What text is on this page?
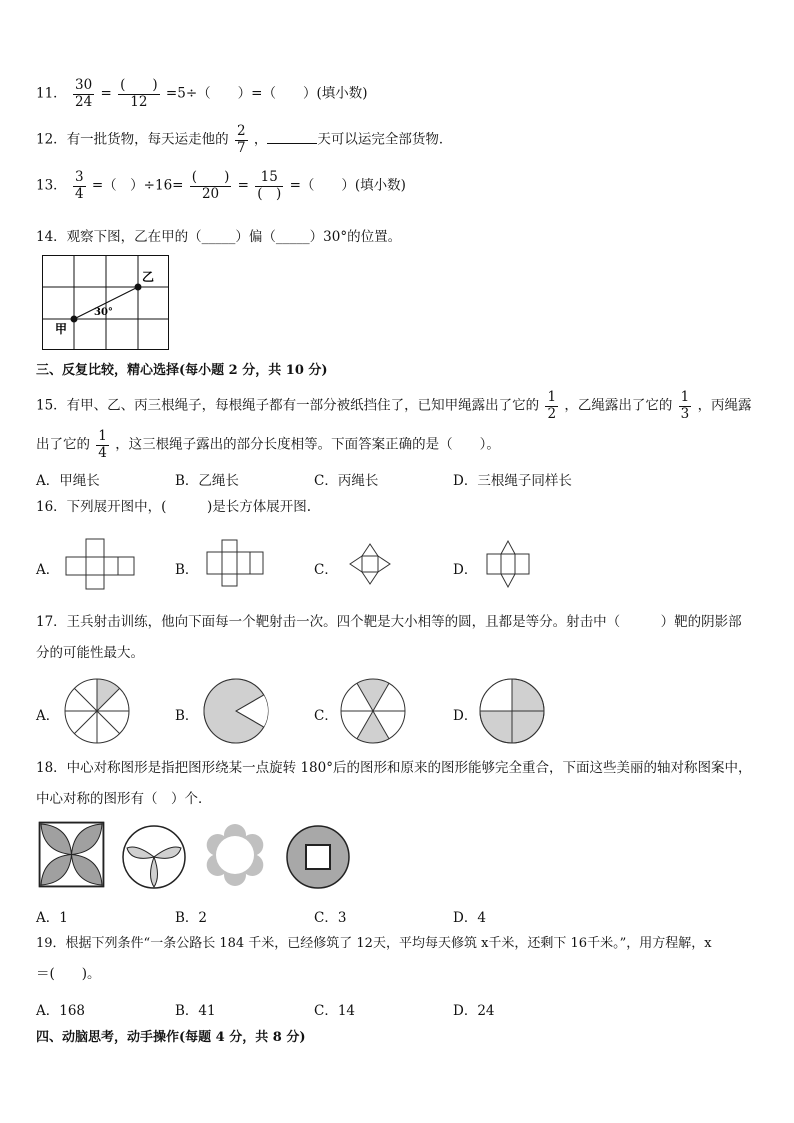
11． $\frac{30}{24} = \frac{( )}{12} =5\div$（　　）=（　　）(填小数)
12．有一批货物，每天运走他的 $\frac{2}{7}$ ，	天可以运完全部货物．
13． $\frac{3}{4}$ =（　）$\div 16= \frac{( )}{20} = \frac{15}{( )}$ =（　　）(填小数)
14．观察下图，乙在甲的（_____）偏（_____）30°的位置。
甲
乙
30°
三、反复比较，精心选择(每小题 2 分，共 10 分)
15．有甲、乙、丙三根绳子，每根绳子都有一部分被纸挡住了，已知甲绳露出了它的 $\frac{1}{2}$ ，乙绳露出了它的 $\frac{1}{3}$ ，丙绳露
出了它的 $\frac{1}{4}$ ，这三根绳子露出的部分长度相等。下面答案正确的是（　　）。
A．甲绳长	B．乙绳长	C．丙绳长	D．三根绳子同样长
16．下列展开图中，(　　　)是长方体展开图.
A．	B．	C．	D．
17．王兵射击训练，他向下面每一个靶射击一次。四个靶是大小相等的圆，且都是等分。射击中（　　　）靶的阴影部
分的可能性最大。
A．	B．	C．	D．
18．中心对称图形是指把图形绕某一点旋转 180°后的图形和原来的图形能够完全重合，下面这些美丽的轴对称图案中，
中心对称的图形有（　）个．
A．1	B．2	C．3	D．4
19．根据下列条件“一条公路长 184 千米，已经修筑了 12天，平均每天修筑 x千米，还剩下 16千米。”，用方程解，x
＝(　　)。
A．168	B．41	C．14	D．24
四、动脑思考，动手操作(每题 4 分，共 8 分)
